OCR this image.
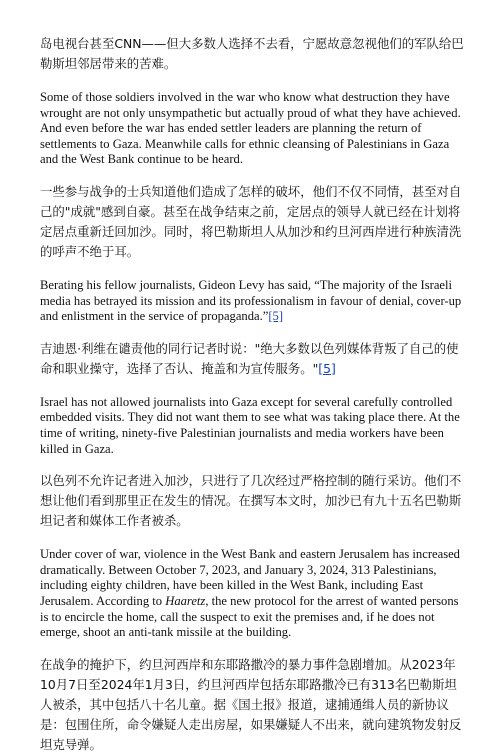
岛电视台甚至CNN——但大多数人选择不去看，宁愿故意忽视他们的军队给巴勒斯坦邻居带来的苦难。

Some of those soldiers involved in the war who know what destruction they have wrought are not only unsympathetic but actually proud of what they have achieved. And even before the war has ended settler leaders are planning the return of settlements to Gaza. Meanwhile calls for ethnic cleansing of Palestinians in Gaza and the West Bank continue to be heard.

一些参与战争的士兵知道他们造成了怎样的破坏，他们不仅不同情，甚至对自己的"成就"感到自豪。甚至在战争结束之前，定居点的领导人就已经在计划将定居点重新迁回加沙。同时，将巴勒斯坦人从加沙和约旦河西岸进行种族清洗的呼声不绝于耳。

Berating his fellow journalists, Gideon Levy has said, “The majority of the Israeli media has betrayed its mission and its professionalism in favour of denial, cover-up and enlistment in the service of propaganda.”[5]

吉迪恩·利维在谴责他的同行记者时说："绝大多数以色列媒体背叛了自己的使命和职业操守，选择了否认、掩盖和为宣传服务。"[5]

Israel has not allowed journalists into Gaza except for several carefully controlled embedded visits. They did not want them to see what was taking place there. At the time of writing, ninety-five Palestinian journalists and media workers have been killed in Gaza.

以色列不允许记者进入加沙，只进行了几次经过严格控制的随行采访。他们不想让他们看到那里正在发生的情况。在撰写本文时，加沙已有九十五名巴勒斯坦记者和媒体工作者被杀。

Under cover of war, violence in the West Bank and eastern Jerusalem has increased dramatically. Between October 7, 2023, and January 3, 2024, 313 Palestinians, including eighty children, have been killed in the West Bank, including East Jerusalem. According to Haaretz, the new protocol for the arrest of wanted persons is to encircle the home, call the suspect to exit the premises and, if he does not emerge, shoot an anti-tank missile at the building.

在战争的掩护下，约旦河西岸和东耶路撒冷的暴力事件急剧增加。从2023年10月7日至2024年1月3日，约旦河西岸包括东耶路撒冷已有313名巴勒斯坦人被杀，其中包括八十名儿童。据《国土报》报道，逮捕通缉人员的新协议是：包围住所，命令嫌疑人走出房屋，如果嫌疑人不出来，就向建筑物发射反坦克导弹。
